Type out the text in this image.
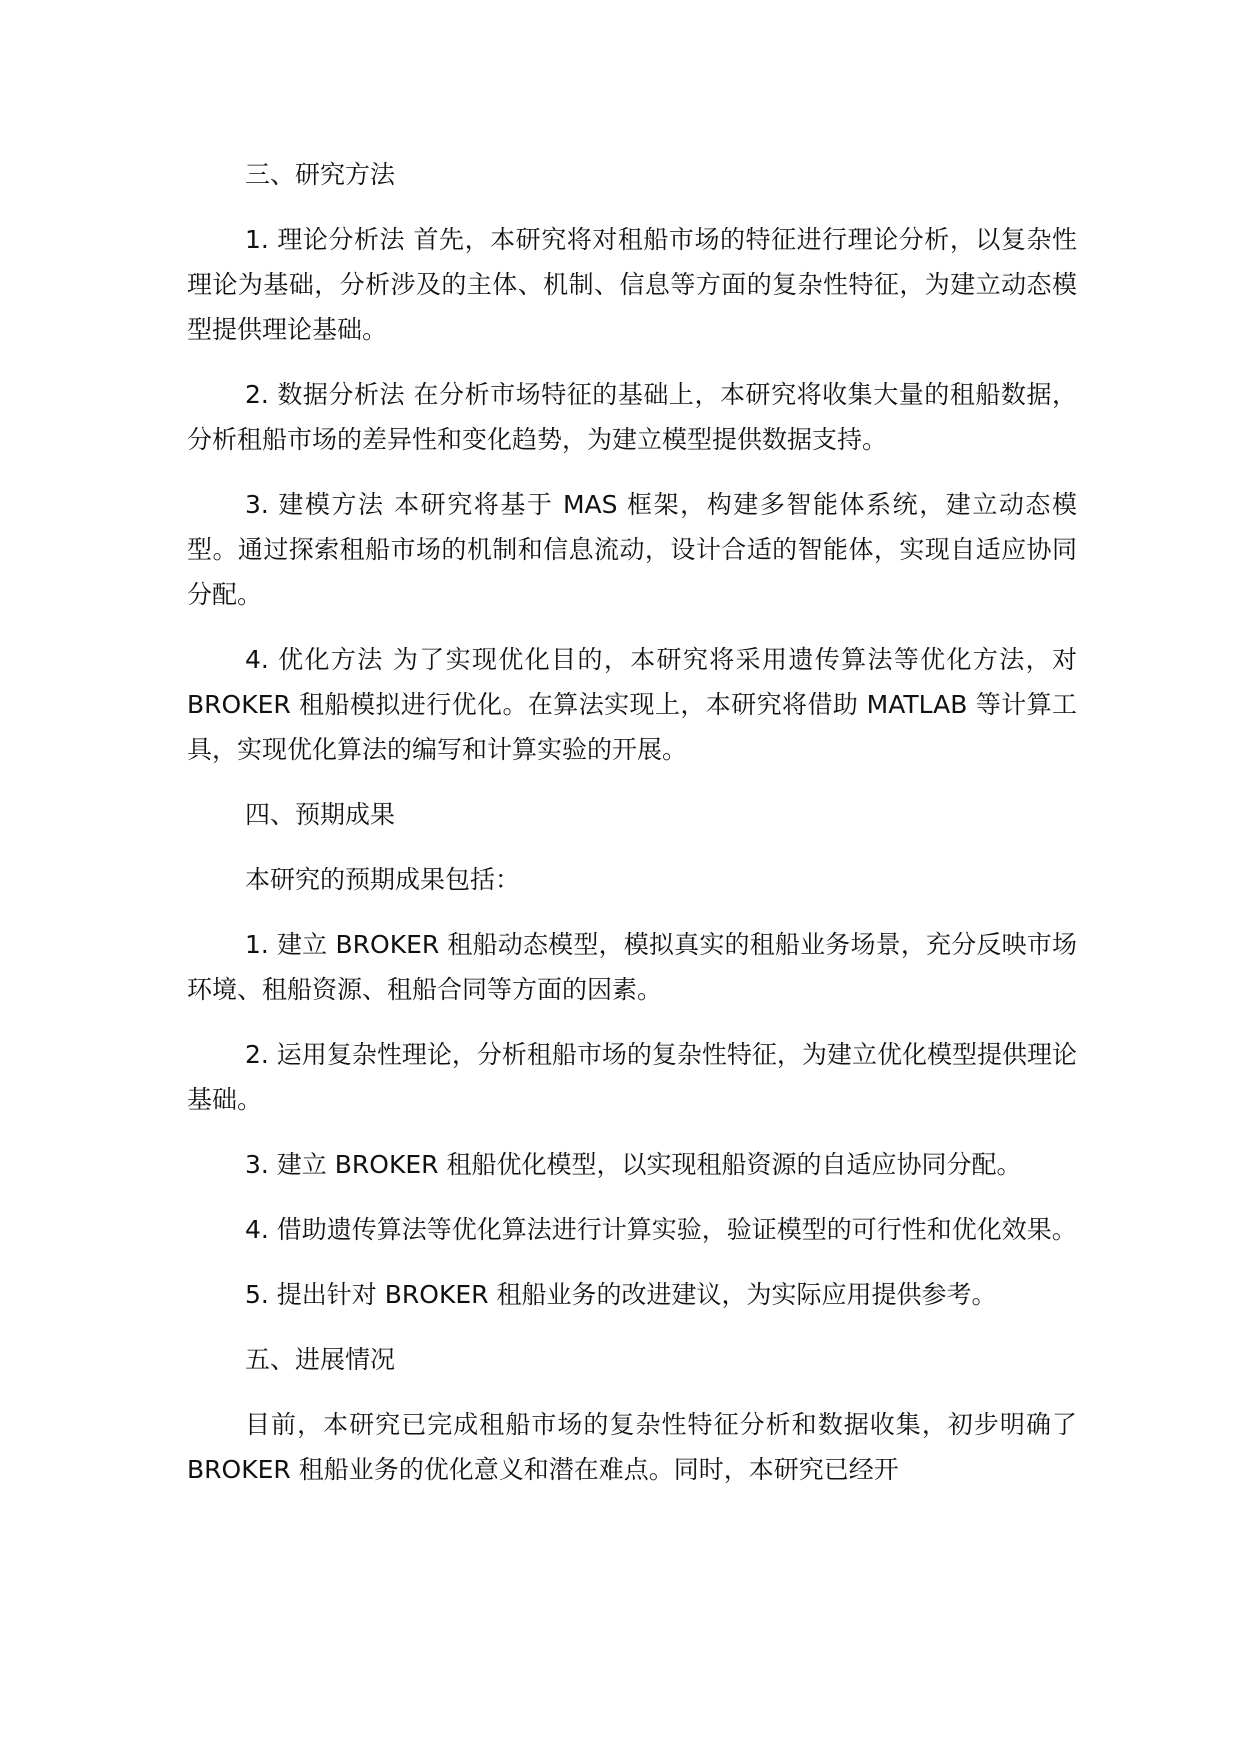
三、研究方法

1. 理论分析法 首先，本研究将对租船市场的特征进行理论分析，以复杂性理论为基础，分析涉及的主体、机制、信息等方面的复杂性特征，为建立动态模型提供理论基础。

2. 数据分析法 在分析市场特征的基础上，本研究将收集大量的租船数据，分析租船市场的差异性和变化趋势，为建立模型提供数据支持。

3. 建模方法 本研究将基于 MAS 框架，构建多智能体系统，建立动态模型。通过探索租船市场的机制和信息流动，设计合适的智能体，实现自适应协同分配。

4. 优化方法 为了实现优化目的，本研究将采用遗传算法等优化方法，对 BROKER 租船模拟进行优化。在算法实现上，本研究将借助 MATLAB 等计算工具，实现优化算法的编写和计算实验的开展。

四、预期成果

本研究的预期成果包括：

1. 建立 BROKER 租船动态模型，模拟真实的租船业务场景，充分反映市场环境、租船资源、租船合同等方面的因素。

2. 运用复杂性理论，分析租船市场的复杂性特征，为建立优化模型提供理论基础。

3. 建立 BROKER 租船优化模型，以实现租船资源的自适应协同分配。

4. 借助遗传算法等优化算法进行计算实验，验证模型的可行性和优化效果。

5. 提出针对 BROKER 租船业务的改进建议，为实际应用提供参考。

五、进展情况

目前，本研究已完成租船市场的复杂性特征分析和数据收集，初步明确了 BROKER 租船业务的优化意义和潜在难点。同时，本研究已经开
